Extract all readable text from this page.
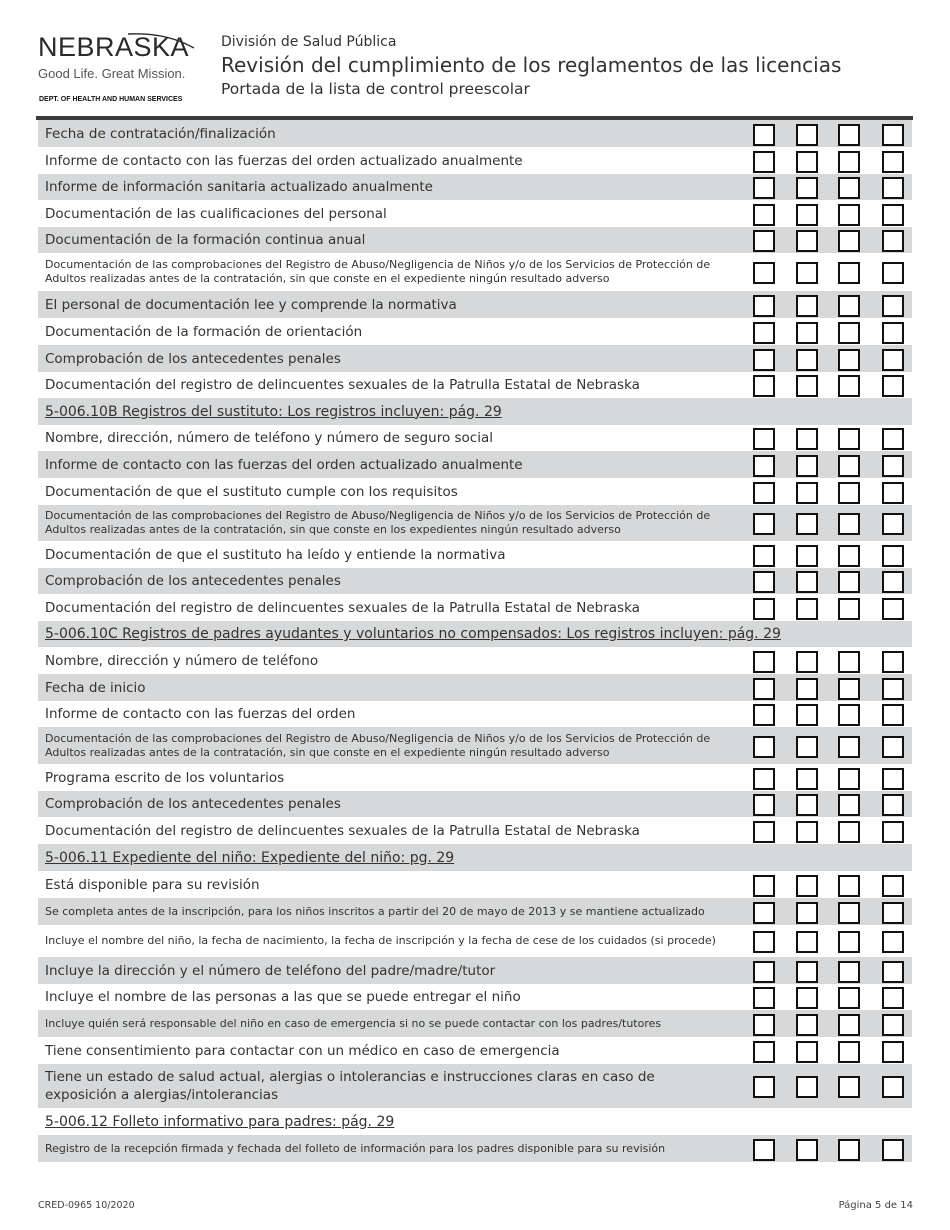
NEBRASKA
Good Life. Great Mission.
DEPT. OF HEALTH AND HUMAN SERVICES
División de Salud Pública
Revisión del cumplimiento de los reglamentos de las licencias
Portada de la lista de control preescolar
Fecha de contratación/finalización
Informe de contacto con las fuerzas del orden actualizado anualmente
Informe de información sanitaria actualizado anualmente
Documentación de las cualificaciones del personal
Documentación de la formación continua anual
Documentación de las comprobaciones del Registro de Abuso/Negligencia de Niños y/o de los Servicios de Protección de Adultos realizadas antes de la contratación, sin que conste en el expediente ningún resultado adverso
El personal de documentación lee y comprende la normativa
Documentación de la formación de orientación
Comprobación de los antecedentes penales
Documentación del registro de delincuentes sexuales de la Patrulla Estatal de Nebraska
5-006.10B Registros del sustituto: Los registros incluyen: pág. 29
Nombre, dirección, número de teléfono y número de seguro social
Informe de contacto con las fuerzas del orden actualizado anualmente
Documentación de que el sustituto cumple con los requisitos
Documentación de las comprobaciones del Registro de Abuso/Negligencia de Niños y/o de los Servicios de Protección de Adultos realizadas antes de la contratación, sin que conste en los expedientes ningún resultado adverso
Documentación de que el sustituto ha leído y entiende la normativa
Comprobación de los antecedentes penales
Documentación del registro de delincuentes sexuales de la Patrulla Estatal de Nebraska
5-006.10C Registros de padres ayudantes y voluntarios no compensados: Los registros incluyen: pág. 29
Nombre, dirección y número de teléfono
Fecha de inicio
Informe de contacto con las fuerzas del orden
Documentación de las comprobaciones del Registro de Abuso/Negligencia de Niños y/o de los Servicios de Protección de Adultos realizadas antes de la contratación, sin que conste en el expediente ningún resultado adverso
Programa escrito de los voluntarios
Comprobación de los antecedentes penales
Documentación del registro de delincuentes sexuales de la Patrulla Estatal de Nebraska
5-006.11 Expediente del niño: Expediente del niño: pg. 29
Está disponible para su revisión
Se completa antes de la inscripción, para los niños inscritos a partir del 20 de mayo de 2013 y se mantiene actualizado
Incluye el nombre del niño, la fecha de nacimiento, la fecha de inscripción y la fecha de cese de los cuidados (si procede)
Incluye la dirección y el número de teléfono del padre/madre/tutor
Incluye el nombre de las personas a las que se puede entregar el niño
Incluye quién será responsable del niño en caso de emergencia si no se puede contactar con los padres/tutores
Tiene consentimiento para contactar con un médico en caso de emergencia
Tiene un estado de salud actual, alergias o intolerancias e instrucciones claras en caso de exposición a alergias/intolerancias
5-006.12 Folleto informativo para padres: pág. 29
Registro de la recepción firmada y fechada del folleto de información para los padres disponible para su revisión
CRED-0965 10/2020	Página 5 de 14
